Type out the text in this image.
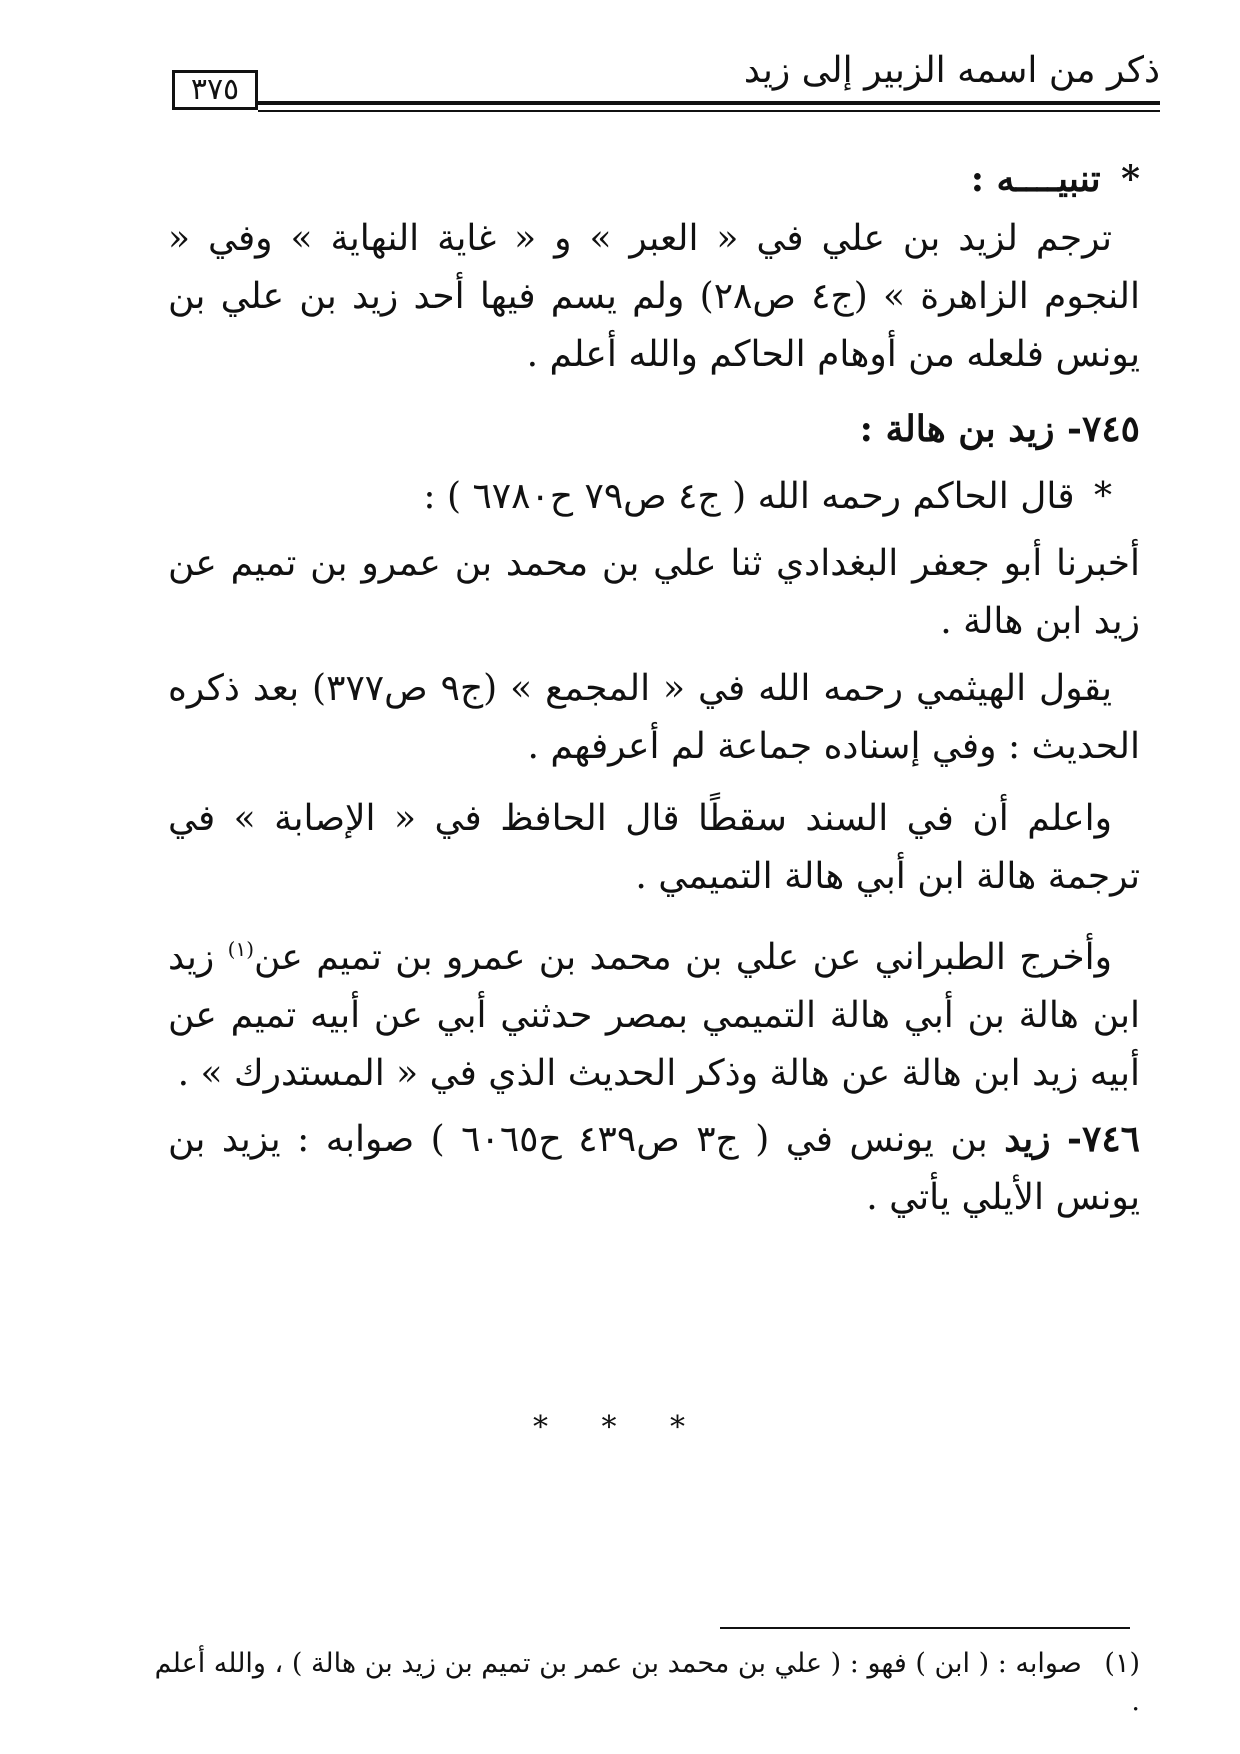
ذكر من اسمه الزبير إلى زيد
٣٧٥

* تنبيــــه :

ترجم لزيد بن علي في « العبر » و « غاية النهاية » وفي « النجوم الزاهرة » (ج٤ ص٢٨) ولم يسم فيها أحد زيد بن علي بن يونس فلعله من أوهام الحاكم والله أعلم .

٧٤٥- زيد بن هالة :

* قال الحاكم رحمه الله ( ج٤ ص٧٩ ح٦٧٨٠ ) :

أخبرنا أبو جعفر البغدادي ثنا علي بن محمد بن عمرو بن تميم عن زيد ابن هالة .

يقول الهيثمي رحمه الله في « المجمع » (ج٩ ص٣٧٧) بعد ذكره الحديث : وفي إسناده جماعة لم أعرفهم .

واعلم أن في السند سقطًا قال الحافظ في « الإصابة » في ترجمة هالة ابن أبي هالة التميمي .

وأخرج الطبراني عن علي بن محمد بن عمرو بن تميم عن$^{(١)}$ زيد ابن هالة بن أبي هالة التميمي بمصر حدثني أبي عن أبيه تميم عن أبيه زيد ابن هالة عن هالة وذكر الحديث الذي في « المستدرك » .

٧٤٦- زيد بن يونس في ( ج٣ ص٤٣٩ ح٦٠٦٥ ) صوابه : يزيد بن يونس الأيلي يأتي .

* * *
(١) صوابه : ( ابن ) فهو : ( علي بن محمد بن عمر بن تميم بن زيد بن هالة ) ، والله أعلم .
